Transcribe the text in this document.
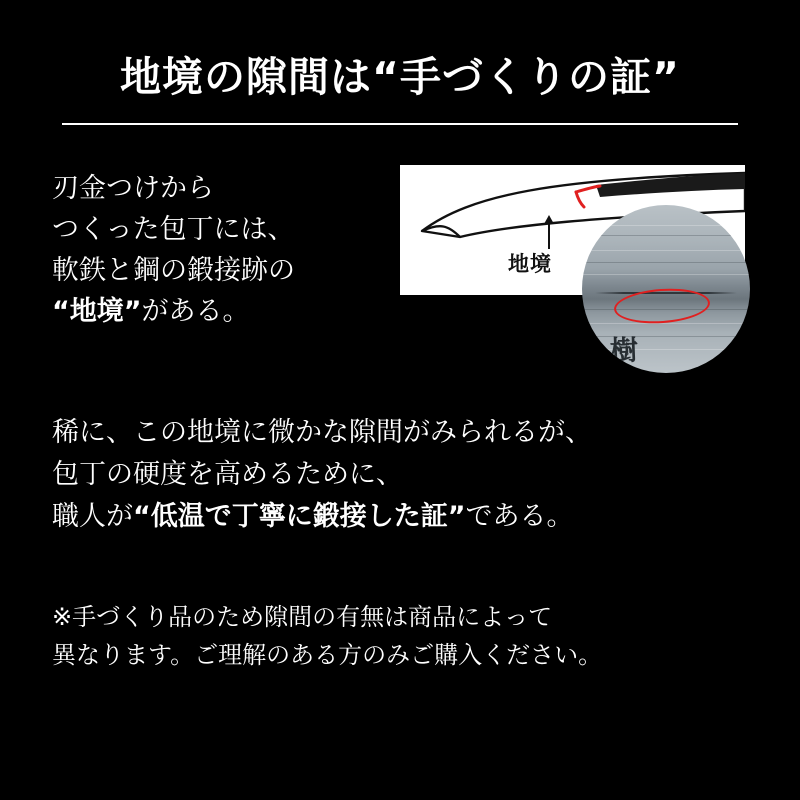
地境の隙間は“手づくりの証”
刃金つけから
つくった包丁には、
軟鉄と鋼の鍛接跡の
“地境”がある。
地境
樹
稀に、この地境に微かな隙間がみられるが、
包丁の硬度を高めるために、
職人が“低温で丁寧に鍛接した証”である。
※手づくり品のため隙間の有無は商品によって
異なります。ご理解のある方のみご購入ください。
